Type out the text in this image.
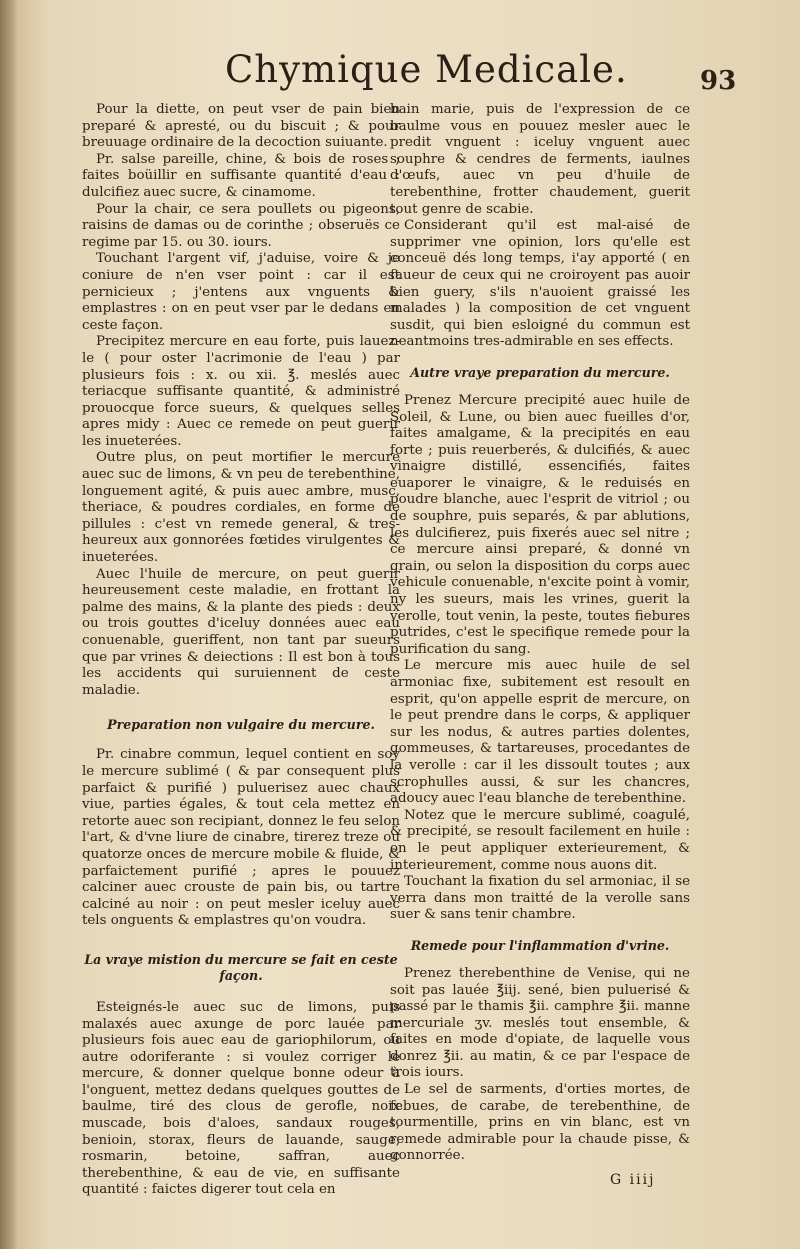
Chymique Medicale.	93

Pour la diette, on peut vser de pain bien preparé & apresté, ou du biscuit ; & pour breuuage ordinaire de la decoction suiuante.

Pr. salse pareille, chine, & bois de roses ; faites boüillir en suffisante quantité d'eau : dulcifiez auec sucre, & cinamome.

Pour la chair, ce sera poullets ou pigeons, raisins de damas ou de corinthe ; obseruës ce regime par 15. ou 30. iours.

Touchant l'argent vif, j'aduise, voire & je coniure de n'en vser point : car il est pernicieux ; j'entens aux vnguents & emplastres : on en peut vser par le dedans en ceste façon.

Precipitez mercure en eau forte, puis lauez-le ( pour oster l'acrimonie de l'eau ) par plusieurs fois : x. ou xii. ℥. meslés auec teriacque suffisante quantité, & administré prouocque force sueurs, & quelques selles apres midy : Auec ce remede on peut guerir les inueterées.

Outre plus, on peut mortifier le mercure auec suc de limons, & vn peu de terebenthine, longuement agité, & puis auec ambre, musc, theriace, & poudres cordiales, en forme de pillules : c'est vn remede general, & tres-heureux aux gonnorées fœtides virulgentes & inueterées.

Auec l'huile de mercure, on peut guerir heureusement ceste maladie, en frottant la palme des mains, & la plante des pieds : deux ou trois gouttes d'iceluy données auec eau conuenable, gueriffent, non tant par sueurs que par vrines & deiections : Il est bon à tous les accidents qui suruiennent de ceste maladie.

Preparation non vulgaire du mercure.

Pr. cinabre commun, lequel contient en soy le mercure sublimé ( & par consequent plus parfaict & purifié ) puluerisez auec chaux viue, parties égales, & tout cela mettez en retorte auec son recipiant, donnez le feu selon l'art, & d'vne liure de cinabre, tirerez treze ou quatorze onces de mercure mobile & fluide, & parfaictement purifié ; apres le pouuez calciner auec crouste de pain bis, ou tartre calciné au noir : on peut mesler iceluy auec tels onguents & emplastres qu'on voudra.

La vraye mistion du mercure se fait en ceste façon.

Esteignés-le auec suc de limons, puis malaxés auec axunge de porc lauée par plusieurs fois auec eau de gariophilorum, ou autre odoriferante : si voulez corriger le mercure, & donner quelque bonne odeur à l'onguent, mettez dedans quelques gouttes de baulme, tiré des clous de gerofle, noix muscade, bois d'aloes, sandaux rouges, benioin, storax, fleurs de lauande, sauge, rosmarin, betoine, saffran, auec therebenthine, & eau de vie, en suffisante quantité : faictes digerer tout cela en

bain marie, puis de l'expression de ce baulme vous en pouuez mesler auec le predit vnguent : iceluy vnguent auec souphre & cendres de ferments, iaulnes d'œufs, auec vn peu d'huile de terebenthine, frotter chaudement, guerit tout genre de scabie.

Considerant qu'il est mal-aisé de supprimer vne opinion, lors qu'elle est conceuë dés long temps, i'ay apporté ( en faueur de ceux qui ne croiroyent pas auoir bien guery, s'ils n'auoient graissé les malades ) la composition de cet vnguent susdit, qui bien esloigné du commun est neantmoins tres-admirable en ses effects.

Autre vraye preparation du mercure.

Prenez Mercure precipité auec huile de Soleil, & Lune, ou bien auec fueilles d'or, faites amalgame, & la precipités en eau forte ; puis reuerberés, & dulcifiés, & auec vinaigre distillé, essencifiés, faites euaporer le vinaigre, & le reduisés en poudre blanche, auec l'esprit de vitriol ; ou de souphre, puis separés, & par ablutions, les dulcifierez, puis fixerés auec sel nitre ; ce mercure ainsi preparé, & donné vn grain, ou selon la disposition du corps auec vehicule conuenable, n'excite point à vomir, ny les sueurs, mais les vrines, guerit la verolle, tout venin, la peste, toutes fiebures putrides, c'est le specifique remede pour la purification du sang.

Le mercure mis auec huile de sel armoniac fixe, subitement est resoult en esprit, qu'on appelle esprit de mercure, on le peut prendre dans le corps, & appliquer sur les nodus, & autres parties dolentes, gommeuses, & tartareuses, procedantes de la verolle : car il les dissoult toutes ; aux scrophulles aussi, & sur les chancres, adoucy auec l'eau blanche de terebenthine.

Notez que le mercure sublimé, coagulé, & precipité, se resoult facilement en huile : on le peut appliquer exterieurement, & interieurement, comme nous auons dit.

Touchant la fixation du sel armoniac, il se verra dans mon traitté de la verolle sans suer & sans tenir chambre.

Remede pour l'inflammation d'vrine.

Prenez therebenthine de Venise, qui ne soit pas lauée ℥iij. sené, bien puluerisé & passé par le thamis ℥ii. camphre ℥ii. manne mercuriale ʒv. meslés tout ensemble, & faites en mode d'opiate, de laquelle vous donrez ℥ii. au matin, & ce par l'espace de trois iours.

Le sel de sarments, d'orties mortes, de febues, de carabe, de terebenthine, de tourmentille, prins en vin blanc, est vn remede admirable pour la chaude pisse, & gonnorrée.

G iiij
